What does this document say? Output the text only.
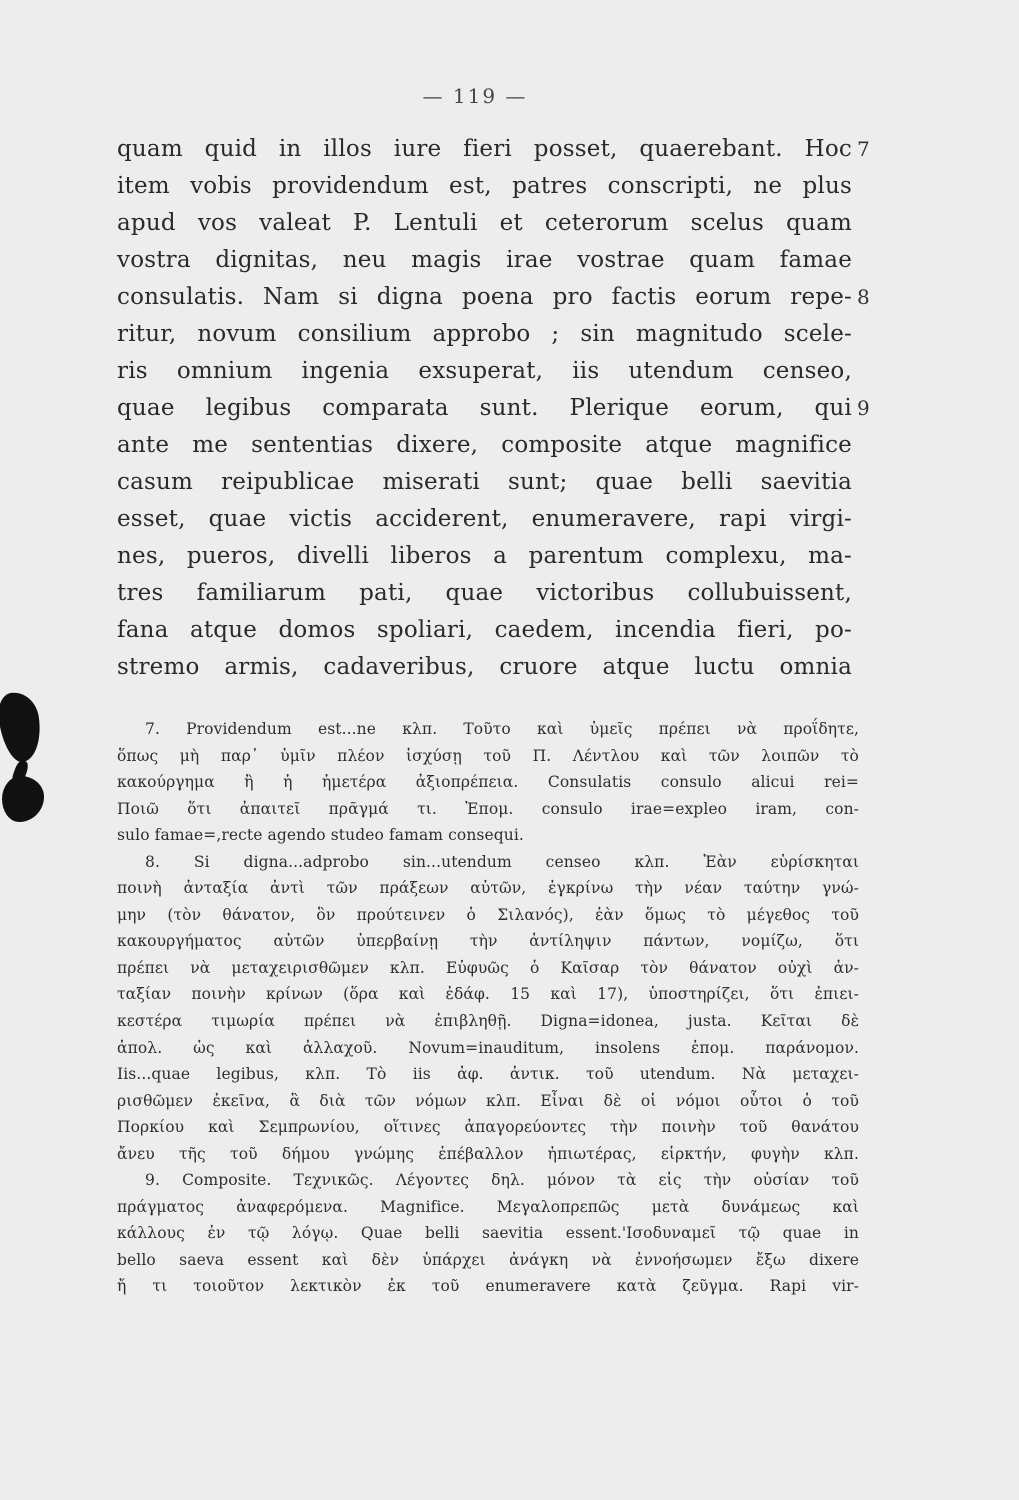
— 119 —
quam quid in illos iure fieri posset, quaerebant. Hoc 7
item vobis providendum est, patres conscripti, ne plus
apud vos valeat P. Lentuli et ceterorum scelus quam
vostra dignitas, neu magis irae vostrae quam famae
consulatis. Nam si digna poena pro factis eorum repe- 8
ritur, novum consilium approbo ; sin magnitudo scele-
ris omnium ingenia exsuperat, iis utendum censeo,
quae legibus comparata sunt. Plerique eorum, qui 9
ante me sententias dixere, composite atque magnifice
casum reipublicae miserati sunt; quae belli saevitia
esset, quae victis acciderent, enumeravere, rapi virgi-
nes, pueros, divelli liberos a parentum complexu, ma-
tres familiarum pati, quae victoribus collubuissent,
fana atque domos spoliari, caedem, incendia fieri, po-
stremo armis, cadaveribus, cruore atque luctu omnia
7. Providendum est...ne κλπ. Τοῦτο καὶ ὑμεῖς πρέπει νὰ προΐδητε,
ὅπως μὴ παρ᾽ ὑμῖν πλέον ἰσχύσῃ τοῦ Π. Λέντλου καὶ τῶν λοιπῶν τὸ
κακούργημα ἢ ἡ ἡμετέρα ἀξιοπρέπεια. Consulatis consulo alicui rei=
Ποιῶ ὅτι ἀπαιτεῖ πρᾶγμά τι. Ἐπομ. consulo irae=expleo iram, con-
sulo famae=,recte agendo studeo famam consequi.
8. Si digna...adprobo sin...utendum censeo κλπ. Ἐὰν εὑρίσκηται
ποινὴ ἀνταξία ἀντὶ τῶν πράξεων αὐτῶν, ἐγκρίνω τὴν νέαν ταύτην γνώ-
μην (τὸν θάνατον, ὃν προύτεινεν ὁ Σιλανός), ἐὰν ὅμως τὸ μέγεθος τοῦ
κακουργήματος αὐτῶν ὑπερβαίνῃ τὴν ἀντίληψιν πάντων, νομίζω, ὅτι
πρέπει νὰ μεταχειρισθῶμεν κλπ. Εὐφυῶς ὁ Καῖσαρ τὸν θάνατον οὐχὶ ἀν-
ταξίαν ποινὴν κρίνων (ὅρα καὶ ἐδάφ. 15 καὶ 17), ὑποστηρίζει, ὅτι ἐπιει-
κεστέρα τιμωρία πρέπει νὰ ἐπιβληθῇ. Digna=idonea, justa. Κεῖται δὲ
ἀπολ. ὡς καὶ ἀλλαχοῦ. Novum=inauditum, insolens ἐπομ. παράνομον.
Iis...quae legibus, κλπ. Τὸ iis ἀφ. ἀντικ. τοῦ utendum. Νὰ μεταχει-
ρισθῶμεν ἐκεῖνα, ἃ διὰ τῶν νόμων κλπ. Εἶναι δὲ οἱ νόμοι οὗτοι ὁ τοῦ
Πορκίου καὶ Σεμπρωνίου, οἵτινες ἀπαγορεύοντες τὴν ποινὴν τοῦ θανάτου
ἄνευ τῆς τοῦ δήμου γνώμης ἐπέβαλλον ἠπιωτέρας, εἱρκτήν, φυγὴν κλπ.
9. Composite. Τεχνικῶς. Λέγοντες δηλ. μόνον τὰ εἰς τὴν οὐσίαν τοῦ
πράγματος ἀναφερόμενα. Magnifice. Μεγαλοπρεπῶς μετὰ δυνάμεως καὶ
κάλλους ἐν τῷ λόγῳ. Quae belli saevitia essent.'Ισοδυναμεῖ τῷ quae in
bello saeva essent καὶ δὲν ὑπάρχει ἀνάγκη νὰ ἐννοήσωμεν ἔξω dixere
ἤ τι τοιοῦτον λεκτικὸν ἐκ τοῦ enumeravere κατὰ ζεῦγμα. Rapi vir-
